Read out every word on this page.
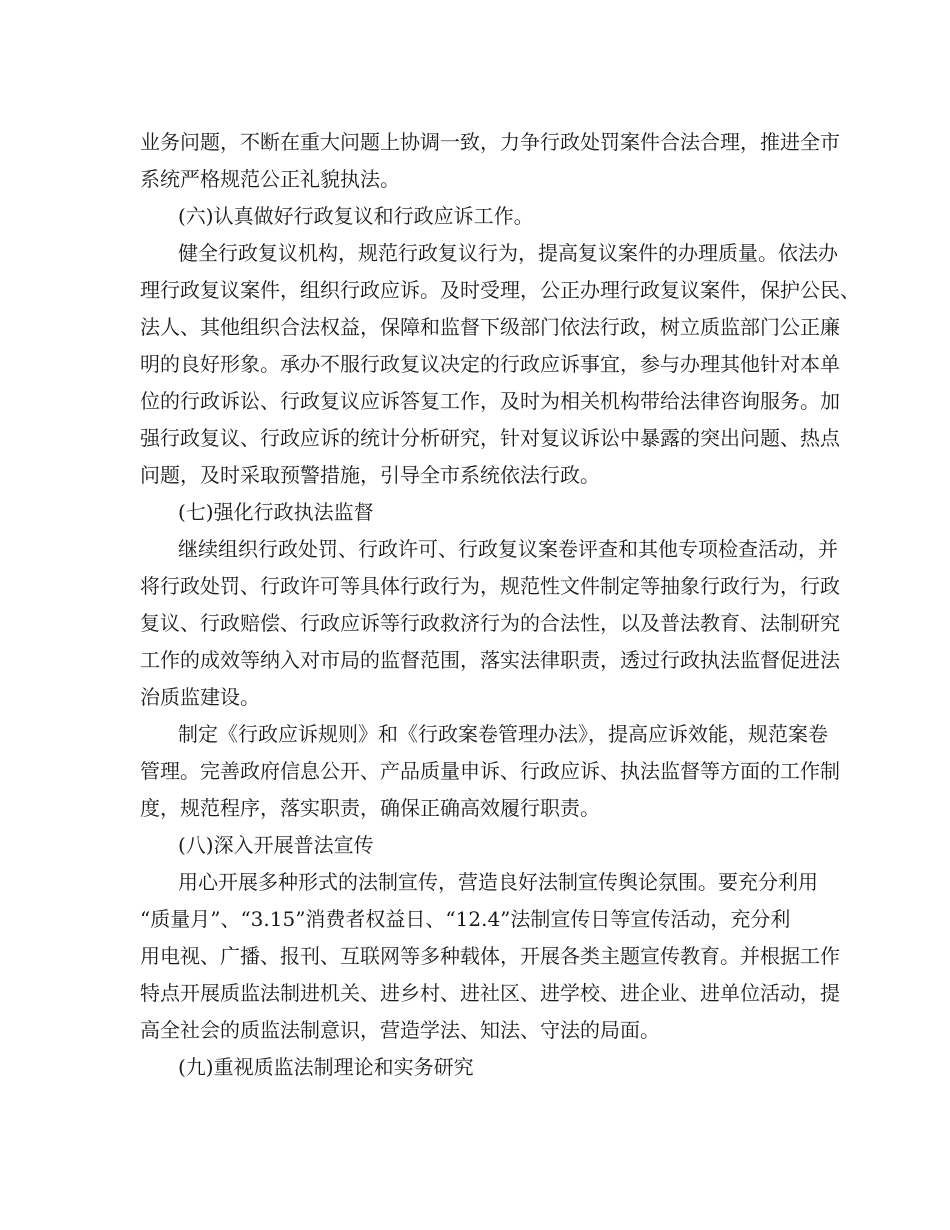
业务问题，不断在重大问题上协调一致，力争行政处罚案件合法合理，推进全市
系统严格规范公正礼貌执法。
(六)认真做好行政复议和行政应诉工作。
健全行政复议机构，规范行政复议行为，提高复议案件的办理质量。依法办
理行政复议案件，组织行政应诉。及时受理，公正办理行政复议案件，保护公民、
法人、其他组织合法权益，保障和监督下级部门依法行政，树立质监部门公正廉
明的良好形象。承办不服行政复议决定的行政应诉事宜，参与办理其他针对本单
位的行政诉讼、行政复议应诉答复工作，及时为相关机构带给法律咨询服务。加
强行政复议、行政应诉的统计分析研究，针对复议诉讼中暴露的突出问题、热点
问题，及时采取预警措施，引导全市系统依法行政。
(七)强化行政执法监督
继续组织行政处罚、行政许可、行政复议案卷评查和其他专项检查活动，并
将行政处罚、行政许可等具体行政行为，规范性文件制定等抽象行政行为，行政
复议、行政赔偿、行政应诉等行政救济行为的合法性，以及普法教育、法制研究
工作的成效等纳入对市局的监督范围，落实法律职责，透过行政执法监督促进法
治质监建设。
制定《行政应诉规则》和《行政案卷管理办法》，提高应诉效能，规范案卷
管理。完善政府信息公开、产品质量申诉、行政应诉、执法监督等方面的工作制
度，规范程序，落实职责，确保正确高效履行职责。
(八)深入开展普法宣传
用心开展多种形式的法制宣传，营造良好法制宣传舆论氛围。要充分利用
“质量月”、“3.15”消费者权益日、“12.4”法制宣传日等宣传活动，充分利
用电视、广播、报刊、互联网等多种载体，开展各类主题宣传教育。并根据工作
特点开展质监法制进机关、进乡村、进社区、进学校、进企业、进单位活动，提
高全社会的质监法制意识，营造学法、知法、守法的局面。
(九)重视质监法制理论和实务研究
